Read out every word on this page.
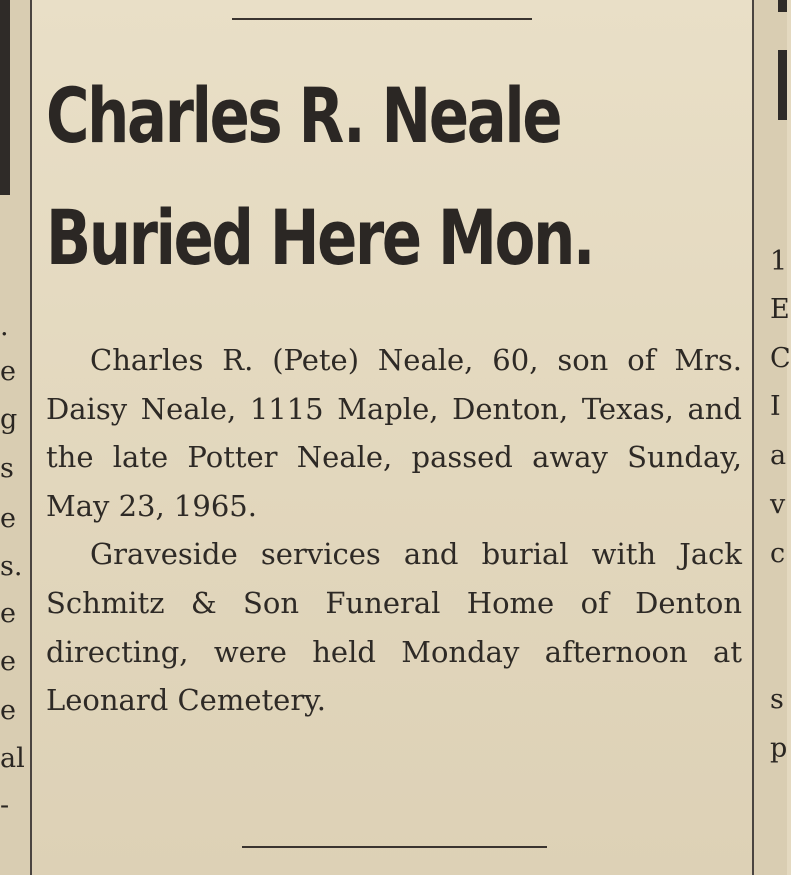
.
e
g
s
e
s.
e
e
e
al
-
1
E
C
I
a
v
c
s
p
Charles R. Neale
Buried Here Mon.

Charles R. (Pete) Neale, 60, son of Mrs. Daisy Neale, 1115 Maple, Denton, Texas, and the late Potter Neale, passed away Sunday, May 23, 1965.

Graveside services and burial with Jack Schmitz & Son Funeral Home of Denton directing, were held Monday afternoon at Leonard Cemetery.
